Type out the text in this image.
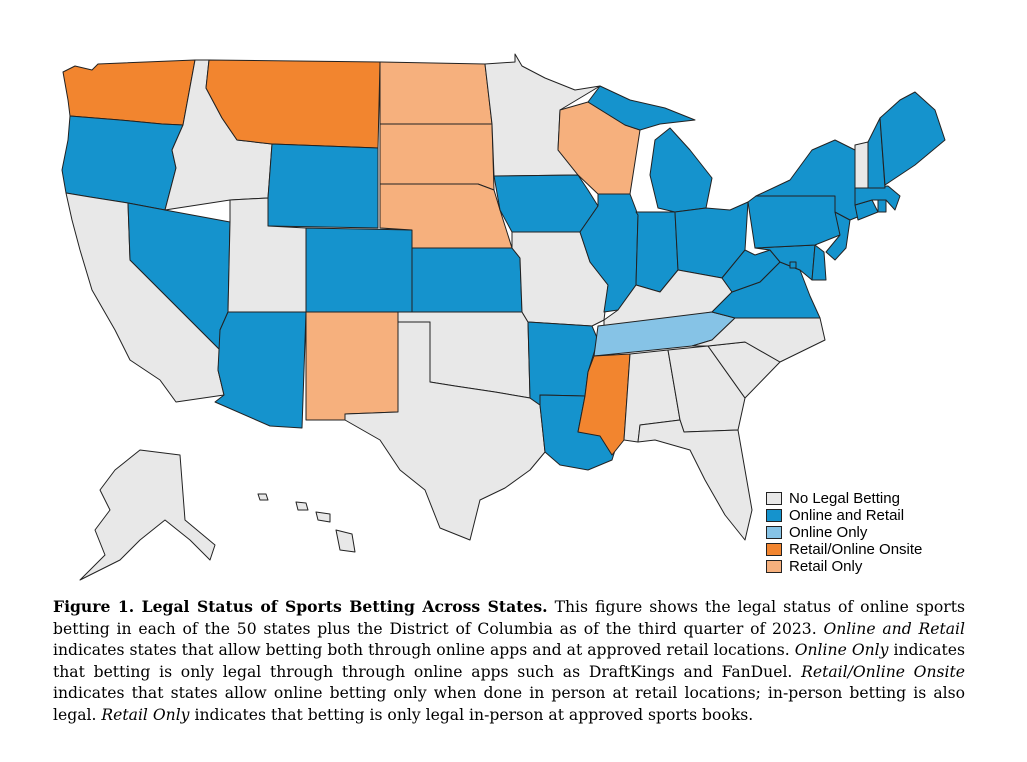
No Legal Betting
Online and Retail
Online Only
Retail/Online Onsite
Retail Only
Figure 1. Legal Status of Sports Betting Across States. This figure shows the legal status of online sports betting in each of the 50 states plus the District of Columbia as of the third quarter of 2023. Online and Retail indicates states that allow betting both through online apps and at approved retail locations. Online Only indicates that betting is only legal through through online apps such as DraftKings and FanDuel. Retail/Online Onsite indicates that states allow online betting only when done in person at retail locations; in-person betting is also legal. Retail Only indicates that betting is only legal in-person at approved sports books.
